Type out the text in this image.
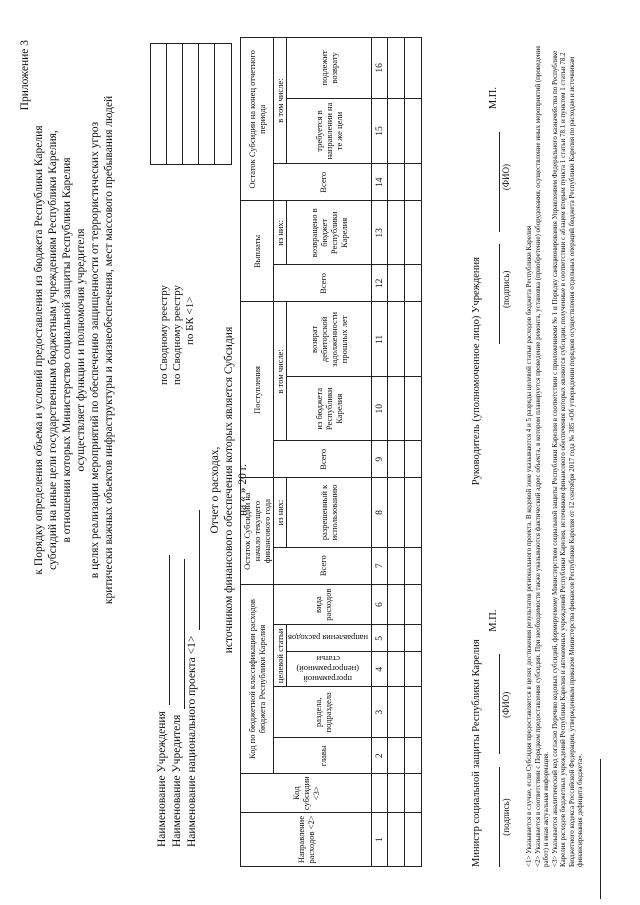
Приложение 3
к Порядку определения объема и условий предоставления из бюджета Республики Карелия субсидий на иные цели государственным бюджетным учреждениям Республики Карелия, в отношении которых Министерство социальной защиты Республики Карелия осуществляет функции и полномочия учредителя в целях реализации мероприятий по обеспечению защищенности от террористических угроз критически важных объектов инфраструктуры и жизнеобеспечения, мест массового пребывания людей
Наименование Учреждения Наименование Учредителя Наименование национального проекта <1>
по Сводному реестру по Сводному реестру по БК <1>
Отчет о расходах, источником финансового обеспечения которых является Субсидия на « » 20 г.
Направление расходов <2>	Код субсидии <3>	Код по бюджетной классификации расходов бюджета Республики Карелия					Остаток Субсидии на начало текущего финансового года		Поступления			Выплаты		Остаток Субсидии на конец отчетного периода		
		главы	раздела, подраздела	целевой статьи		вида расходов	Всего	из них:	Всего	в том числе:		Всего	из них:	Всего	в том числе:	
				программной (непрограммной) статьи	направления расходов			разрешенный к использованию		из бюджета Республики Карелия	возврат дебиторской задолженности прошлых лет		возвращено в бюджет Республики Карелия		требуется в направлении на те же цели	подлежит возврату
1		2	3	4	5	6	7	8	9	10	11	12	13	14	15	16

Министр социальной защиты Республики Карелия
Руководитель (уполномоченное лицо) Учреждения
М.П.
М.П.
(подпись) (ФИО)
(подпись) (ФИО)

<1> Указывается в случае, если Субсидия предоставляется в целях достижения результатов регионального проекта. В кодовой зоне указываются 4 и 5 разряды целевой статьи расходов бюджета Республики Карелия <2> Указывается в соответствии с Порядком предоставления субсидии. При необходимости также указываются фактический адрес объекта, в котором планируется проведение ремонта, установка (приобретение) оборудования, осуществление иных мероприятий (проведение работ) и иная актуальная информация. <3> Указывается аналитический код согласно Перечню кодовых субсидий, формируемому Министерством социальной защиты Республики Карелия в соответствии с приложениями № 1 и Порядку санкционирования Управлением Федерального казначейства по Республике Карелия расходов бюджетных учреждений Республики Карелия и автономных учреждений Республики Карелия, источником финансового обеспечения которых являются субсидии, полученные в соответствии с абзацем вторым пункта 1 статьи 78.1 и пунктом 1 статьи 78.2 Бюджетного кодекса Российской Федерации, утвержденным приказом Министерства финансов Республики Карелия от 12 сентября 2017 года № 385 «Об утверждении порядков осуществления отдельных операций бюджета Республики Карелия по расходам и источникам финансирования дефицита бюджета».
